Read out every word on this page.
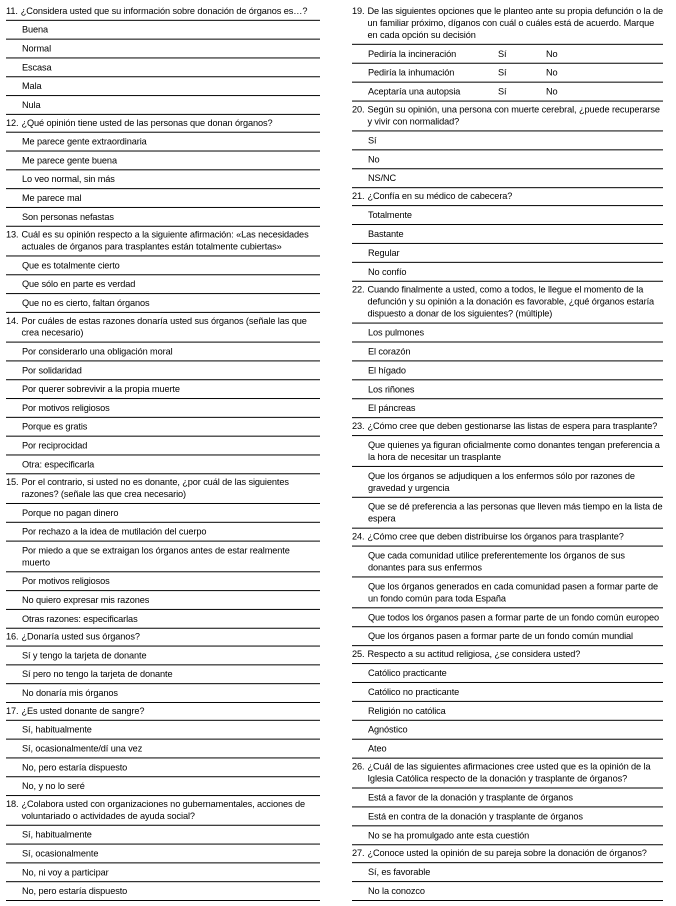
11. ¿Considera usted que su información sobre donación de órganos es…?
Buena
Normal
Escasa
Mala
Nula
12. ¿Qué opinión tiene usted de las personas que donan órganos?
Me parece gente extraordinaria
Me parece gente buena
Lo veo normal, sin más
Me parece mal
Son personas nefastas
13. Cuál es su opinión respecto a la siguiente afirmación: «Las necesidades actuales de órganos para trasplantes están totalmente cubiertas»
Que es totalmente cierto
Que sólo en parte es verdad
Que no es cierto, faltan órganos
14. Por cuáles de estas razones donaría usted sus órganos (señale las que crea necesario)
Por considerarlo una obligación moral
Por solidaridad
Por querer sobrevivir a la propia muerte
Por motivos religiosos
Porque es gratis
Por reciprocidad
Otra: especificarla
15. Por el contrario, si usted no es donante, ¿por cuál de las siguientes razones? (señale las que crea necesario)
Porque no pagan dinero
Por rechazo a la idea de mutilación del cuerpo
Por miedo a que se extraigan los órganos antes de estar realmente muerto
Por motivos religiosos
No quiero expresar mis razones
Otras razones: especificarlas
16. ¿Donaría usted sus órganos?
Sí y tengo la tarjeta de donante
Sí pero no tengo la tarjeta de donante
No donaría mis órganos
17. ¿Es usted donante de sangre?
Sí, habitualmente
Sí, ocasionalmente/dí una vez
No, pero estaría dispuesto
No, y no lo seré
18. ¿Colabora usted con organizaciones no gubernamentales, acciones de voluntariado o actividades de ayuda social?
Sí, habitualmente
Sí, ocasionalmente
No, ni voy a participar
No, pero estaría dispuesto
19. De las siguientes opciones que le planteo ante su propia defunción o la de un familiar próximo, díganos con cuál o cuáles está de acuerdo. Marque en cada opción su decisión
Pediría la incineración	Sí	No
Pediría la inhumación	Sí	No
Aceptaría una autopsia	Sí	No
20. Según su opinión, una persona con muerte cerebral, ¿puede recuperarse y vivir con normalidad?
Sí
No
NS/NC
21. ¿Confía en su médico de cabecera?
Totalmente
Bastante
Regular
No confío
22. Cuando finalmente a usted, como a todos, le llegue el momento de la defunción y su opinión a la donación es favorable, ¿qué órganos estaría dispuesto a donar de los siguientes? (múltiple)
Los pulmones
El corazón
El hígado
Los riñones
El páncreas
23. ¿Cómo cree que deben gestionarse las listas de espera para trasplante?
Que quienes ya figuran oficialmente como donantes tengan preferencia a la hora de necesitar un trasplante
Que los órganos se adjudiquen a los enfermos sólo por razones de gravedad y urgencia
Que se dé preferencia a las personas que lleven más tiempo en la lista de espera
24. ¿Cómo cree que deben distribuirse los órganos para trasplante?
Que cada comunidad utilice preferentemente los órganos de sus donantes para sus enfermos
Que los órganos generados en cada comunidad pasen a formar parte de un fondo común para toda España
Que todos los órganos pasen a formar parte de un fondo común europeo
Que los órganos pasen a formar parte de un fondo común mundial
25. Respecto a su actitud religiosa, ¿se considera usted?
Católico practicante
Católico no practicante
Religión no católica
Agnóstico
Ateo
26. ¿Cuál de las siguientes afirmaciones cree usted que es la opinión de la Iglesia Católica respecto de la donación y trasplante de órganos?
Está a favor de la donación y trasplante de órganos
Está en contra de la donación y trasplante de órganos
No se ha promulgado ante esta cuestión
27. ¿Conoce usted la opinión de su pareja sobre la donación de órganos?
Sí, es favorable
No la conozco
